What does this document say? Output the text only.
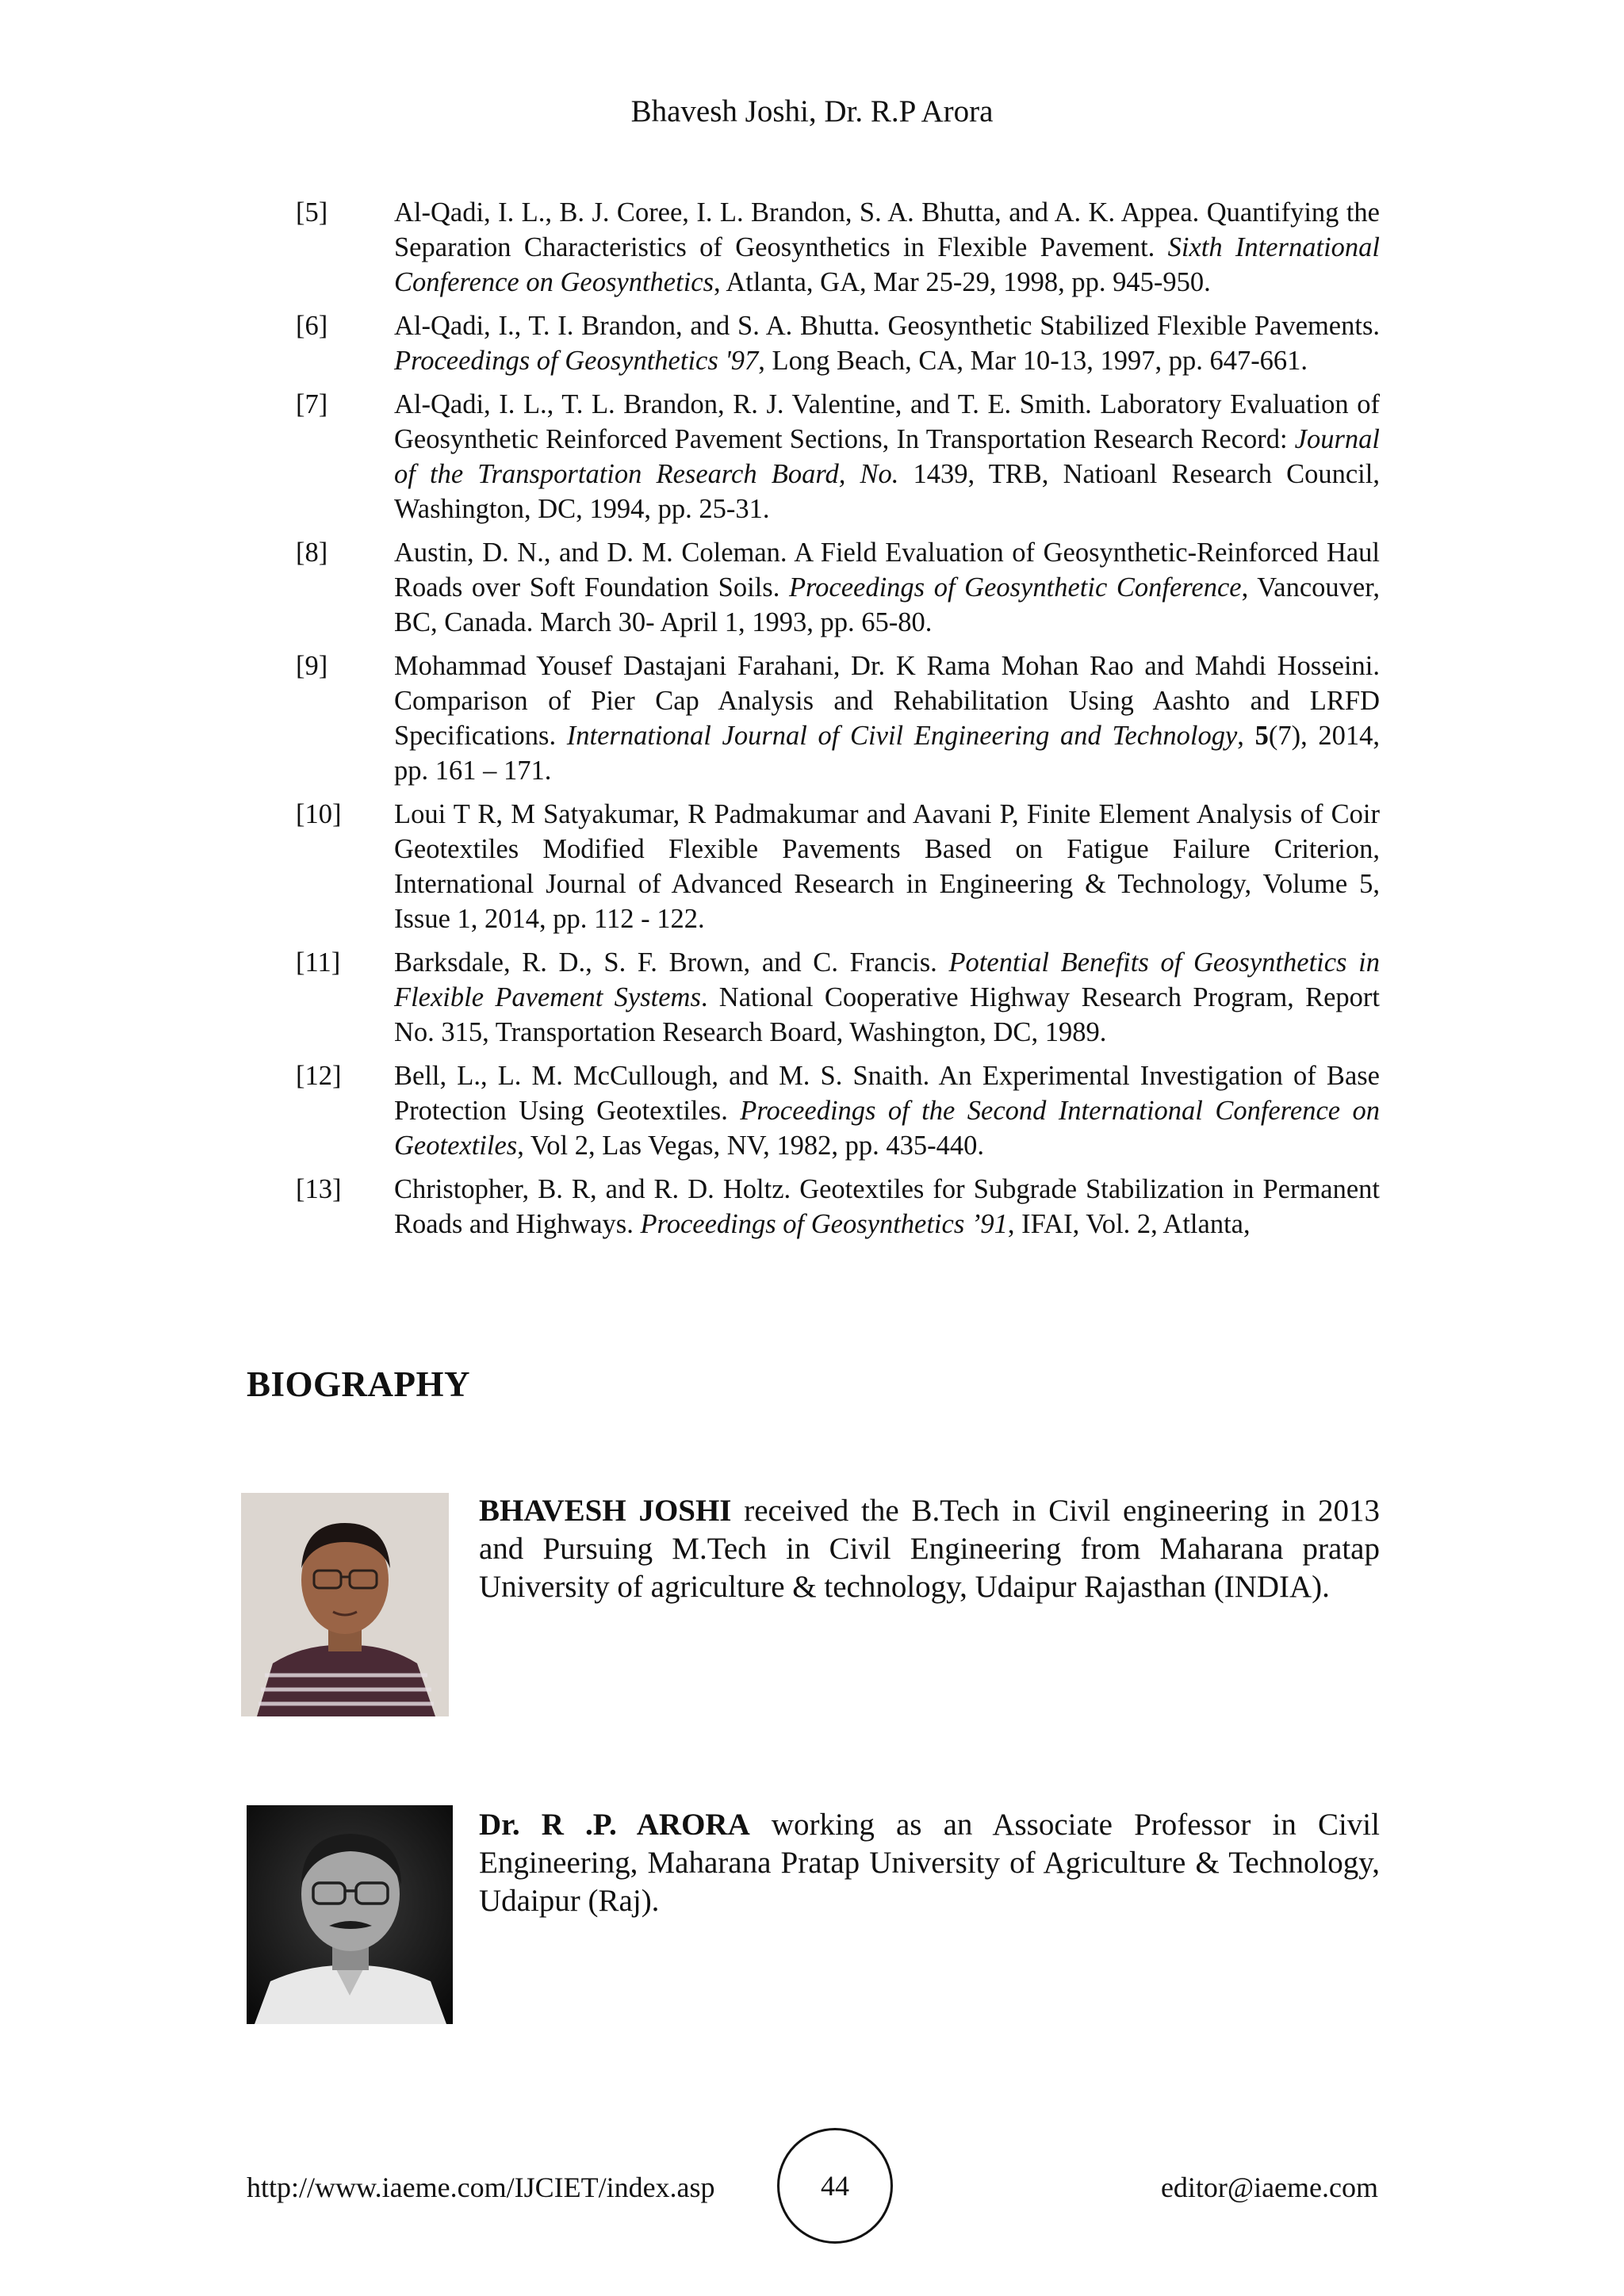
Bhavesh Joshi, Dr. R.P Arora
[5]	Al-Qadi, I. L., B. J. Coree, I. L. Brandon, S. A. Bhutta, and A. K. Appea. Quantifying the Separation Characteristics of Geosynthetics in Flexible Pavement. Sixth International Conference on Geosynthetics, Atlanta, GA, Mar 25-29, 1998, pp. 945-950.
[6]	Al-Qadi, I., T. I. Brandon, and S. A. Bhutta. Geosynthetic Stabilized Flexible Pavements. Proceedings of Geosynthetics '97, Long Beach, CA, Mar 10-13, 1997, pp. 647-661.
[7]	Al-Qadi, I. L., T. L. Brandon, R. J. Valentine, and T. E. Smith. Laboratory Evaluation of Geosynthetic Reinforced Pavement Sections, In Transportation Research Record: Journal of the Transportation Research Board, No. 1439, TRB, Natioanl Research Council, Washington, DC, 1994, pp. 25-31.
[8]	Austin, D. N., and D. M. Coleman. A Field Evaluation of Geosynthetic-Reinforced Haul Roads over Soft Foundation Soils. Proceedings of Geosynthetic Conference, Vancouver, BC, Canada. March 30- April 1, 1993, pp. 65-80.
[9]	Mohammad Yousef Dastajani Farahani, Dr. K Rama Mohan Rao and Mahdi Hosseini. Comparison of Pier Cap Analysis and Rehabilitation Using Aashto and LRFD Specifications. International Journal of Civil Engineering and Technology, 5(7), 2014, pp. 161 – 171.
[10]	Loui T R, M Satyakumar, R Padmakumar and Aavani P, Finite Element Analysis of Coir Geotextiles Modified Flexible Pavements Based on Fatigue Failure Criterion, International Journal of Advanced Research in Engineering & Technology, Volume 5, Issue 1, 2014, pp. 112 - 122.
[11]	Barksdale, R. D., S. F. Brown, and C. Francis. Potential Benefits of Geosynthetics in Flexible Pavement Systems. National Cooperative Highway Research Program, Report No. 315, Transportation Research Board, Washington, DC, 1989.
[12]	Bell, L., L. M. McCullough, and M. S. Snaith. An Experimental Investigation of Base Protection Using Geotextiles. Proceedings of the Second International Conference on Geotextiles, Vol 2, Las Vegas, NV, 1982, pp. 435-440.
[13]	Christopher, B. R, and R. D. Holtz. Geotextiles for Subgrade Stabilization in Permanent Roads and Highways. Proceedings of Geosynthetics ’91, IFAI, Vol. 2, Atlanta,
BIOGRAPHY
BHAVESH JOSHI received the B.Tech in Civil engineering in 2013 and Pursuing M.Tech in Civil Engineering from Maharana pratap University of agriculture & technology, Udaipur Rajasthan (INDIA).
Dr. R .P. ARORA working as an Associate Professor in Civil Engineering, Maharana Pratap University of Agriculture & Technology, Udaipur (Raj).
http://www.iaeme.com/IJCIET/index.asp	44	editor@iaeme.com
